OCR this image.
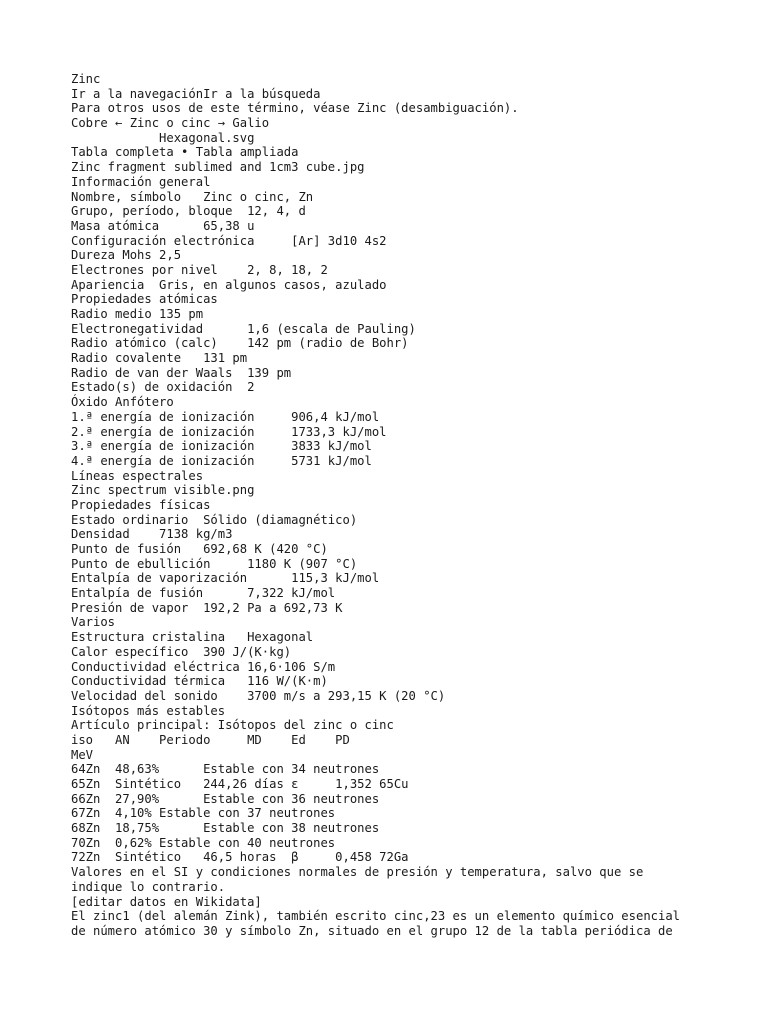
Zinc
Ir a la navegaciónIr a la búsqueda
Para otros usos de este término, véase Zinc (desambiguación).
Cobre ← Zinc o cinc → Galio
Hexagonal.svg
Tabla completa • Tabla ampliada
Zinc fragment sublimed and 1cm3 cube.jpg
Información general
Nombre, símbolo   Zinc o cinc, Zn
Grupo, período, bloque  12, 4, d
Masa atómica      65,38 u
Configuración electrónica     [Ar] 3d10 4s2
Dureza Mohs 2,5
Electrones por nivel    2, 8, 18, 2
Apariencia  Gris, en algunos casos, azulado
Propiedades atómicas
Radio medio 135 pm
Electronegatividad      1,6 (escala de Pauling)
Radio atómico (calc)    142 pm (radio de Bohr)
Radio covalente   131 pm
Radio de van der Waals  139 pm
Estado(s) de oxidación  2
Óxido Anfótero
1.ª energía de ionización     906,4 kJ/mol
2.ª energía de ionización     1733,3 kJ/mol
3.ª energía de ionización     3833 kJ/mol
4.ª energía de ionización     5731 kJ/mol
Líneas espectrales
Zinc spectrum visible.png
Propiedades físicas
Estado ordinario  Sólido (diamagnético)
Densidad    7138 kg/m3
Punto de fusión   692,68 K (420 °C)
Punto de ebullición     1180 K (907 °C)
Entalpía de vaporización      115,3 kJ/mol
Entalpía de fusión      7,322 kJ/mol
Presión de vapor  192,2 Pa a 692,73 K
Varios
Estructura cristalina   Hexagonal
Calor específico  390 J/(K·kg)
Conductividad eléctrica 16,6·106 S/m
Conductividad térmica   116 W/(K·m)
Velocidad del sonido    3700 m/s a 293,15 K (20 °C)
Isótopos más estables
Artículo principal: Isótopos del zinc o cinc
iso   AN    Periodo     MD    Ed    PD
MeV
64Zn  48,63%      Estable con 34 neutrones
65Zn  Sintético   244,26 días ε     1,352 65Cu
66Zn  27,90%      Estable con 36 neutrones
67Zn  4,10% Estable con 37 neutrones
68Zn  18,75%      Estable con 38 neutrones
70Zn  0,62% Estable con 40 neutrones
72Zn  Sintético   46,5 horas  β     0,458 72Ga
Valores en el SI y condiciones normales de presión y temperatura, salvo que se
indique lo contrario.
[editar datos en Wikidata]
El zinc1 (del alemán Zink), también escrito cinc,23 es un elemento químico esencial
de número atómico 30 y símbolo Zn, situado en el grupo 12 de la tabla periódica de
